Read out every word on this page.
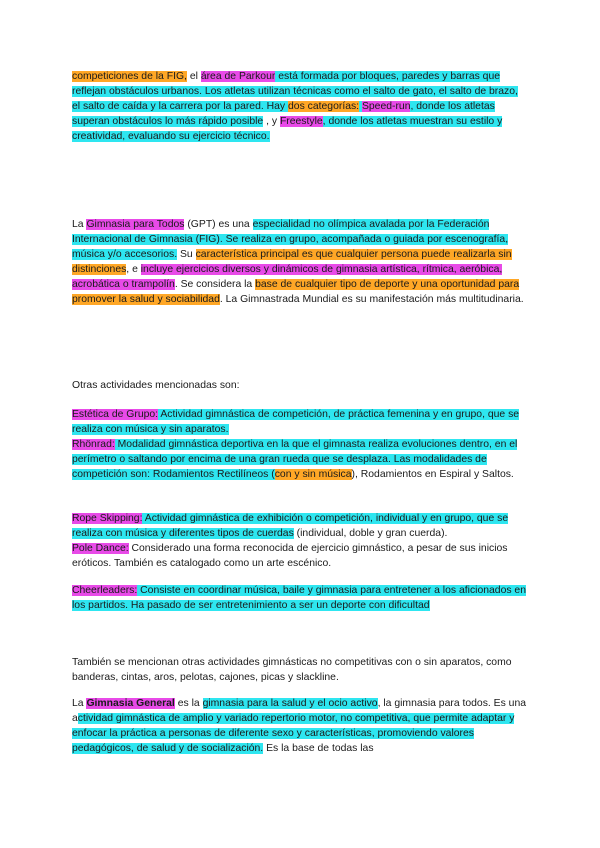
competiciones de la FIG, el área de Parkour está formada por bloques, paredes y barras que reflejan obstáculos urbanos. Los atletas utilizan técnicas como el salto de gato, el salto de brazo, el salto de caída y la carrera por la pared. Hay dos categorías: Speed-run, donde los atletas superan obstáculos lo más rápido posible , y Freestyle, donde los atletas muestran su estilo y creatividad, evaluando su ejercicio técnico.

La Gimnasia para Todos (GPT) es una especialidad no olímpica avalada por la Federación Internacional de Gimnasia (FIG). Se realiza en grupo, acompañada o guiada por escenografía, música y/o accesorios. Su característica principal es que cualquier persona puede realizarla sin distinciones, e incluye ejercicios diversos y dinámicos de gimnasia artística, rítmica, aeróbica, acrobática o trampolín. Se considera la base de cualquier tipo de deporte y una oportunidad para promover la salud y sociabilidad. La Gimnastrada Mundial es su manifestación más multitudinaria.

Otras actividades mencionadas son:

Estética de Grupo: Actividad gimnástica de competición, de práctica femenina y en grupo, que se realiza con música y sin aparatos.
Rhönrad: Modalidad gimnástica deportiva en la que el gimnasta realiza evoluciones dentro, en el perímetro o saltando por encima de una gran rueda que se desplaza. Las modalidades de competición son: Rodamientos Rectilíneos (con y sin música), Rodamientos en Espiral y Saltos.

Rope Skipping: Actividad gimnástica de exhibición o competición, individual y en grupo, que se realiza con música y diferentes tipos de cuerdas (individual, doble y gran cuerda).
Pole Dance: Considerado una forma reconocida de ejercicio gimnástico, a pesar de sus inicios eróticos. También es catalogado como un arte escénico.

Cheerleaders: Consiste en coordinar música, baile y gimnasia para entretener a los aficionados en los partidos. Ha pasado de ser entretenimiento a ser un deporte con dificultad

También se mencionan otras actividades gimnásticas no competitivas con o sin aparatos, como banderas, cintas, aros, pelotas, cajones, picas y slackline.

La Gimnasia General es la gimnasia para la salud y el ocio activo, la gimnasia para todos. Es una actividad gimnástica de amplio y variado repertorio motor, no competitiva, que permite adaptar y enfocar la práctica a personas de diferente sexo y características, promoviendo valores pedagógicos, de salud y de socialización. Es la base de todas las
